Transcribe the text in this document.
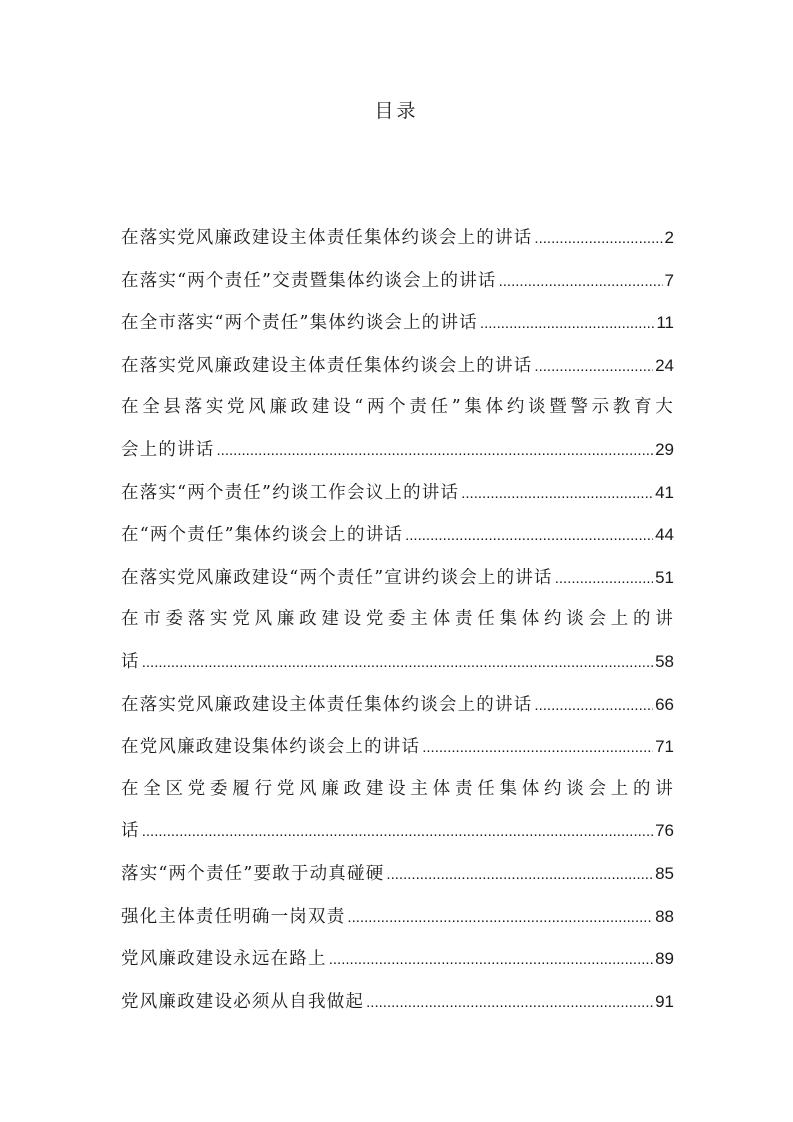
目录
在落实党风廉政建设主体责任集体约谈会上的讲话 .....	2
在落实“两个责任”交责暨集体约谈会上的讲话 .....	7
在全市落实“两个责任”集体约谈会上的讲话 .....	11
在落实党风廉政建设主体责任集体约谈会上的讲话 .....	24
在全县落实党风廉政建设“两个责任”集体约谈暨警示教育大
会上的讲话 .....	29
在落实“两个责任”约谈工作会议上的讲话 .....	41
在“两个责任”集体约谈会上的讲话 .....	44
在落实党风廉政建设“两个责任”宣讲约谈会上的讲话 .....	51
在市委落实党风廉政建设党委主体责任集体约谈会上的讲
话 .....	58
在落实党风廉政建设主体责任集体约谈会上的讲话 .....	66
在党风廉政建设集体约谈会上的讲话 .....	71
在全区党委履行党风廉政建设主体责任集体约谈会上的讲
话 .....	76
落实“两个责任”要敢于动真碰硬 .....	85
强化主体责任明确一岗双责 .....	88
党风廉政建设永远在路上 .....	89
党风廉政建设必须从自我做起 .....	91
